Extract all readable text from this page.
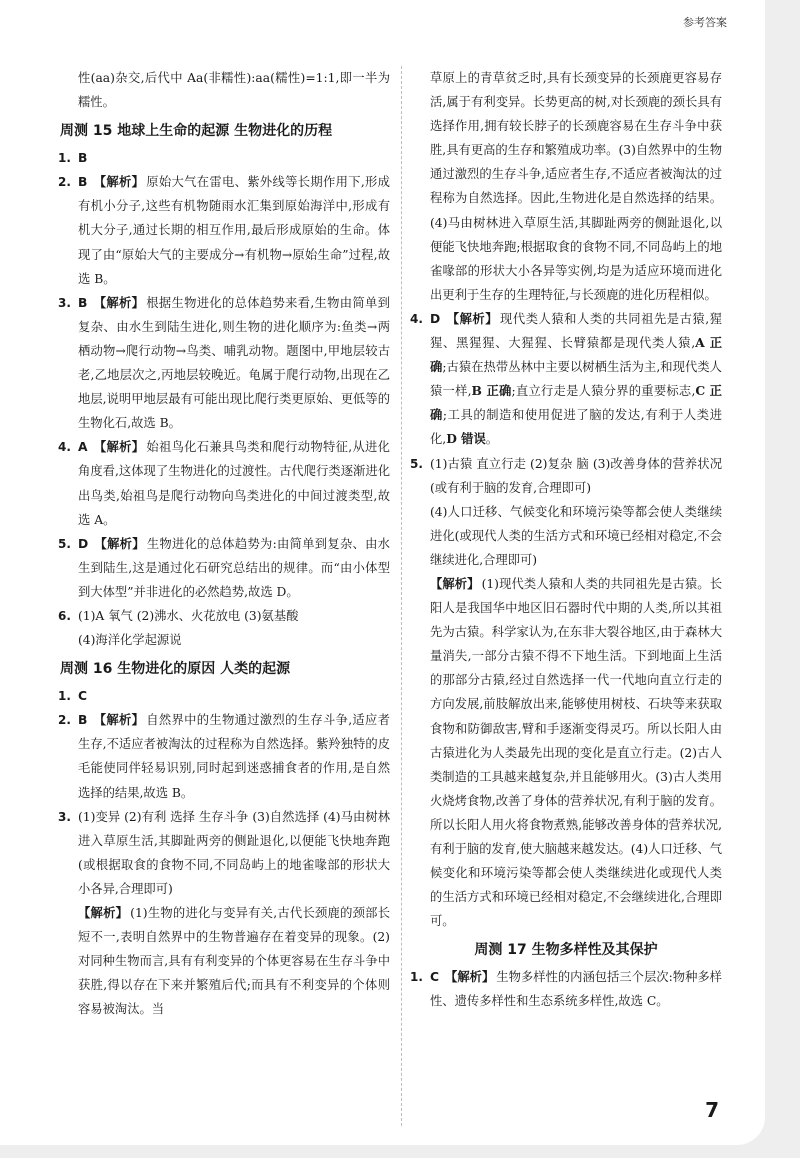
参考答案
性(aa)杂交,后代中 Aa(非糯性):aa(糯性)=1:1,即一半为糯性。
周测 15 地球上生命的起源 生物进化的历程
1. B
2. B 【解析】 原始大气在雷电、紫外线等长期作用下,形成有机小分子,这些有机物随雨水汇集到原始海洋中,形成有机大分子,通过长期的相互作用,最后形成原始的生命。体现了由“原始大气的主要成分→有机物→原始生命”过程,故选 B。
3. B 【解析】 根据生物进化的总体趋势来看,生物由简单到复杂、由水生到陆生进化,则生物的进化顺序为:鱼类→两栖动物→爬行动物→鸟类、哺乳动物。题图中,甲地层较古老,乙地层次之,丙地层较晚近。龟属于爬行动物,出现在乙地层,说明甲地层最有可能出现比爬行类更原始、更低等的生物化石,故选 B。
4. A 【解析】 始祖鸟化石兼具鸟类和爬行动物特征,从进化角度看,这体现了生物进化的过渡性。古代爬行类逐渐进化出鸟类,始祖鸟是爬行动物向鸟类进化的中间过渡类型,故选 A。
5. D 【解析】 生物进化的总体趋势为:由简单到复杂、由水生到陆生,这是通过化石研究总结出的规律。而“由小体型到大体型”并非进化的必然趋势,故选 D。
6. (1)A 氧气 (2)沸水、火花放电 (3)氨基酸
(4)海洋化学起源说
周测 16 生物进化的原因 人类的起源
1. C
2. B 【解析】 自然界中的生物通过激烈的生存斗争,适应者生存,不适应者被淘汰的过程称为自然选择。紫羚独特的皮毛能使同伴轻易识别,同时起到迷惑捕食者的作用,是自然选择的结果,故选 B。
3. (1)变异 (2)有利 选择 生存斗争 (3)自然选择 (4)马由树林进入草原生活,其脚趾两旁的侧趾退化,以便能飞快地奔跑(或根据取食的食物不同,不同岛屿上的地雀喙部的形状大小各异,合理即可)
【解析】 (1)生物的进化与变异有关,古代长颈鹿的颈部长短不一,表明自然界中的生物普遍存在着变异的现象。(2)对同种生物而言,具有有利变异的个体更容易在生存斗争中获胜,得以存在下来并繁殖后代;而具有不利变异的个体则容易被淘汰。当
草原上的青草贫乏时,具有长颈变异的长颈鹿更容易存活,属于有利变异。长势更高的树,对长颈鹿的颈长具有选择作用,拥有较长脖子的长颈鹿容易在生存斗争中获胜,具有更高的生存和繁殖成功率。(3)自然界中的生物通过激烈的生存斗争,适应者生存,不适应者被淘汰的过程称为自然选择。因此,生物进化是自然选择的结果。(4)马由树林进入草原生活,其脚趾两旁的侧趾退化,以便能飞快地奔跑;根据取食的食物不同,不同岛屿上的地雀喙部的形状大小各异等实例,均是为适应环境而进化出更利于生存的生理特征,与长颈鹿的进化历程相似。
4. D 【解析】 现代类人猿和人类的共同祖先是古猿,猩猩、黑猩猩、大猩猩、长臂猿都是现代类人猿,A 正确;古猿在热带丛林中主要以树栖生活为主,和现代类人猿一样,B 正确;直立行走是人猿分界的重要标志,C 正确;工具的制造和使用促进了脑的发达,有利于人类进化,D 错误。
5. (1)古猿 直立行走 (2)复杂 脑 (3)改善身体的营养状况(或有利于脑的发育,合理即可)
(4)人口迁移、气候变化和环境污染等都会使人类继续进化(或现代人类的生活方式和环境已经相对稳定,不会继续进化,合理即可)
【解析】 (1)现代类人猿和人类的共同祖先是古猿。长阳人是我国华中地区旧石器时代中期的人类,所以其祖先为古猿。科学家认为,在东非大裂谷地区,由于森林大量消失,一部分古猿不得不下地生活。下到地面上生活的那部分古猿,经过自然选择一代一代地向直立行走的方向发展,前肢解放出来,能够使用树枝、石块等来获取食物和防御敌害,臂和手逐渐变得灵巧。所以长阳人由古猿进化为人类最先出现的变化是直立行走。(2)古人类制造的工具越来越复杂,并且能够用火。(3)古人类用火烧烤食物,改善了身体的营养状况,有利于脑的发育。所以长阳人用火将食物煮熟,能够改善身体的营养状况,有利于脑的发育,使大脑越来越发达。(4)人口迁移、气候变化和环境污染等都会使人类继续进化或现代人类的生活方式和环境已经相对稳定,不会继续进化,合理即可。
周测 17 生物多样性及其保护
1. C 【解析】 生物多样性的内涵包括三个层次:物种多样性、遗传多样性和生态系统多样性,故选 C。
7
